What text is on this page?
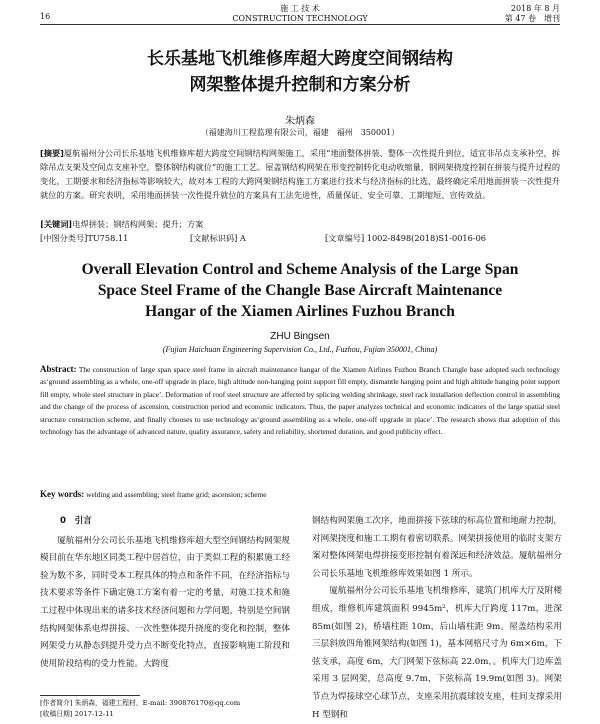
16
施 工 技 术
CONSTRUCTION TECHNOLOGY
2018 年 8 月
第 47 卷　增刊
长乐基地飞机维修库超大跨度空间钢结构
网架整体提升控制和方案分析
朱炳森
（福建海川工程监理有限公司，福建　福州　350001）
[摘要]厦航福州分公司长乐基地飞机维修库超大跨度空间钢结构网架施工，采用“地面整体拼装、整体一次性提升到位，适宜非吊点支承补空，拆除吊点支架及空间点支座补空，整体钢结构就位”的施工工艺。屋盖钢结构网架在形变控制转化电动收缩量，钢网架挠度控制在拼装与提升过程的变化，工期要求和经济指标等影响较大，故对本工程的大跨网架钢结构施工方案进行技术与经济指标的比选，最终确定采用地面拼装一次性提升就位的方案。研究表明，采用地面拼装一次性提升就位的方案具有工法先进性，质量保证、安全可靠、工期缩短、宣传效益。
[关键词]电焊拼装；钢结构网架；提升；方案
[中图分类号]TU758.11	[文献标识码] A	[文章编号] 1002-8498(2018)S1-0016-06
Overall Elevation Control and Scheme Analysis of the Large Span
Space Steel Frame of the Changle Base Aircraft Maintenance
Hangar of the Xiamen Airlines Fuzhou Branch
ZHU Bingsen
(Fujian Haichuan Engineering Supervision Co., Ltd., Fuzhou, Fujian 350001, China)
Abstract: The construction of large span space steel frame in aircraft maintenance hangar of the Xiamen Airlines Fuzhou Branch Changle base adopted such technology as‘ground assembling as a whole, one-off upgrade in place, high altitude non-hanging point support fill empty, dismantle hanging point and high altitude hanging point support fill empty, whole steel structure in place’. Deformation of roof steel structure are affected by splicing welding shrinkage, steel rack installation deflection control in assembling and the change of the process of ascension, construction period and economic indicators. Thus, the paper analyzes technical and economic indicators of the large spatial steel structure construction scheme, and finally chooses to use technology as‘ground assembling as a whole, one-off upgrade in place’. The research shows that adoption of this technology has the advantage of advanced nature, quality assurance, safety and reliability, shortened duration, and good publicity effect.
Key words: welding and assembling; steel frame grid; ascension; scheme
0　引言
厦航福州分公司长乐基地飞机维修库超大型空间钢结构网架规模目前在华东地区同类工程中居首位，由于类似工程的积累施工经验为数不多，同时受本工程具体的特点和条件不同，在经济指标与技术要求等条件下确定施工方案有着一定的考量，对施工技术和施工过程中体现出来的诸多技术经济问题和力学问题，特别是空间钢结构网架体系电焊拼接、一次性整体提升挠度的变化和控制，整体网架受力从静态到提升受力点不断变化特点，直接影响施工阶段和使用阶段结构的受力性能。大跨度
钢结构网架施工次序，地面拼接下弦球的标高位置和地耐力控制，对网架挠度和施工工期有着密切联系。网架拼接使用的临时支架方案对整体网架电焊拼接变形控制有着深远和经济效益。厦航福州分公司长乐基地飞机维修库效果如图 1 所示。
厦航福州分公司长乐基地飞机维修库，建筑门机库大厅及附楼组成，维修机库建筑面积 9945m²，机库大厅跨度 117m，进深 85m(如图 2)，桥墙柱距 10m，后山墙柱距 9m。屋盖结构采用三层斜放四角锥网架结构(如图 1)，基本网格尺寸为 6m×6m，下弦支承，高度 6m，大门网架下弦标高 22.0m，。机库大门边库盖采用 3 层网架，总高度 9.7m，下弦标高 19.9m(如图 3)。网架节点为焊接球空心球节点，支座采用抗震球铰支座，柱间支撑采用 H 型钢和
[作者简介] 朱炳森，福建工程材，E-mail: 390876170@qq.com
[收稿日期] 2017-12-11
